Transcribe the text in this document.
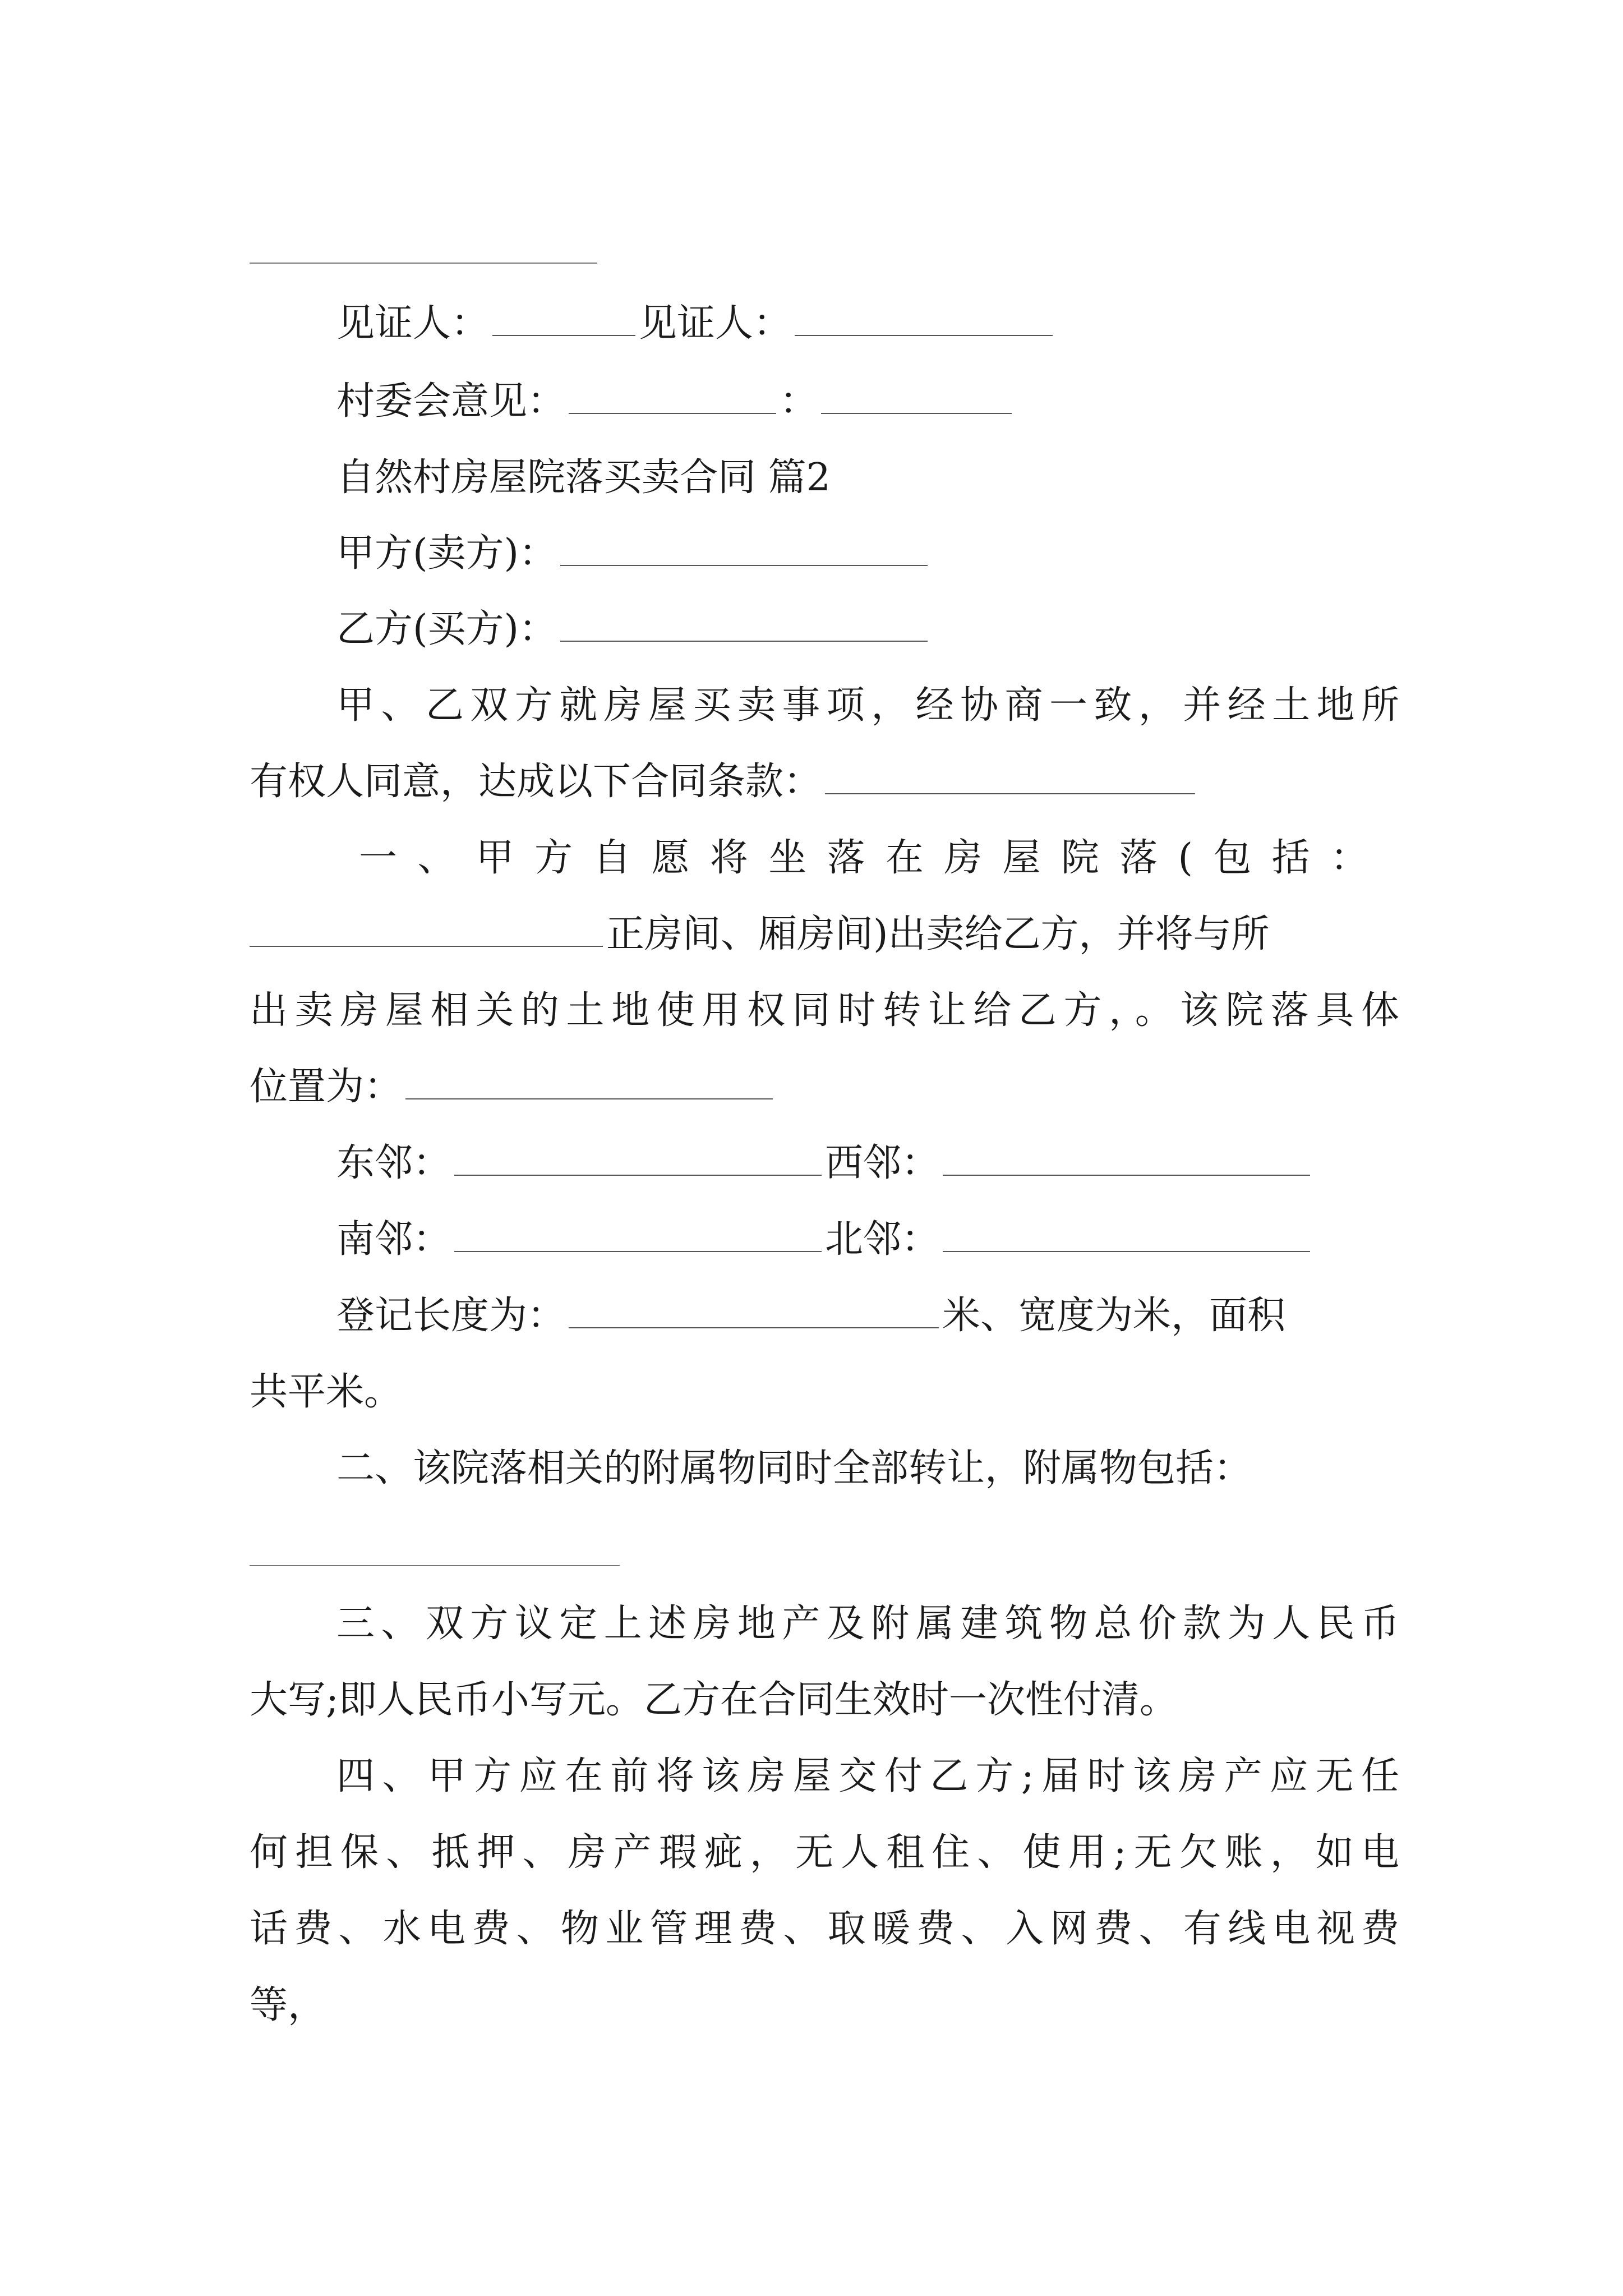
见证人：	见证人：
村委会意见：	：
自然村房屋院落买卖合同 篇2
甲方(卖方)：
乙方(买方)：
甲、乙双方就房屋买卖事项，经协商一致，并经土地所
有权人同意，达成以下合同条款：
一、甲方自愿将坐落在房屋院落(包括：
正房间、厢房间)出卖给乙方，并将与所
出卖房屋相关的土地使用权同时转让给乙方，。该院落具体
位置为：
东邻：	西邻：
南邻：	北邻：
登记长度为：	米、宽度为米，面积
共平米。
二、该院落相关的附属物同时全部转让，附属物包括：
三、双方议定上述房地产及附属建筑物总价款为人民币
大写;即人民币小写元。乙方在合同生效时一次性付清。
四、甲方应在前将该房屋交付乙方;届时该房产应无任
何担保、抵押、房产瑕疵，无人租住、使用;无欠账，如电
话费、水电费、物业管理费、取暖费、入网费、有线电视费
等，
